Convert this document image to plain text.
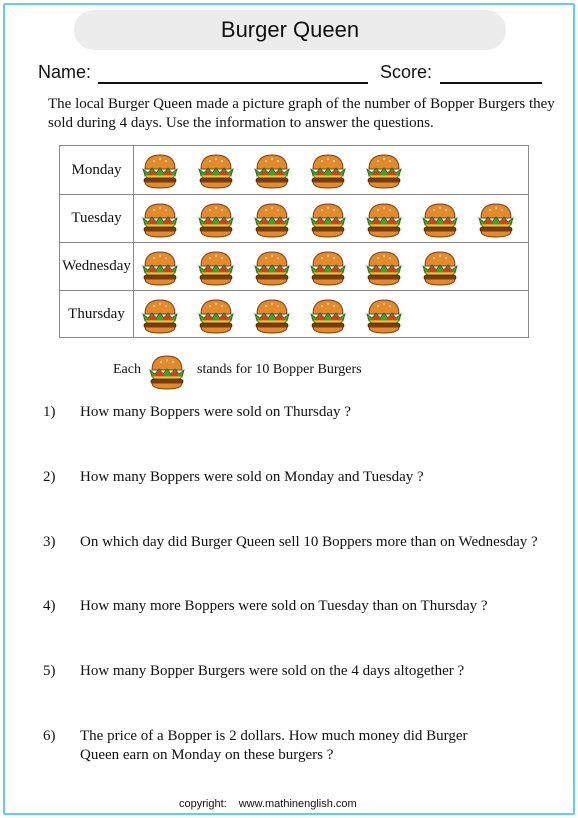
Burger Queen
Name:	Score:
The local Burger Queen made a picture graph of the number of Bopper Burgers they sold during 4 days. Use the information to answer the questions.
Monday
Tuesday
Wednesday
Thursday
Each	stands for 10 Bopper Burgers
1) How many Boppers were sold on Thursday ?
2) How many Boppers were sold on Monday and Tuesday ?
3) On which day did Burger Queen sell 10 Boppers more than on Wednesday ?
4) How many more Boppers were sold on Tuesday than on Thursday ?
5) How many Bopper Burgers were sold on the 4 days altogether ?
6) The price of a Bopper is 2 dollars. How much money did Burger
Queen earn on Monday on these burgers ?
copyright: www.mathinenglish.com
